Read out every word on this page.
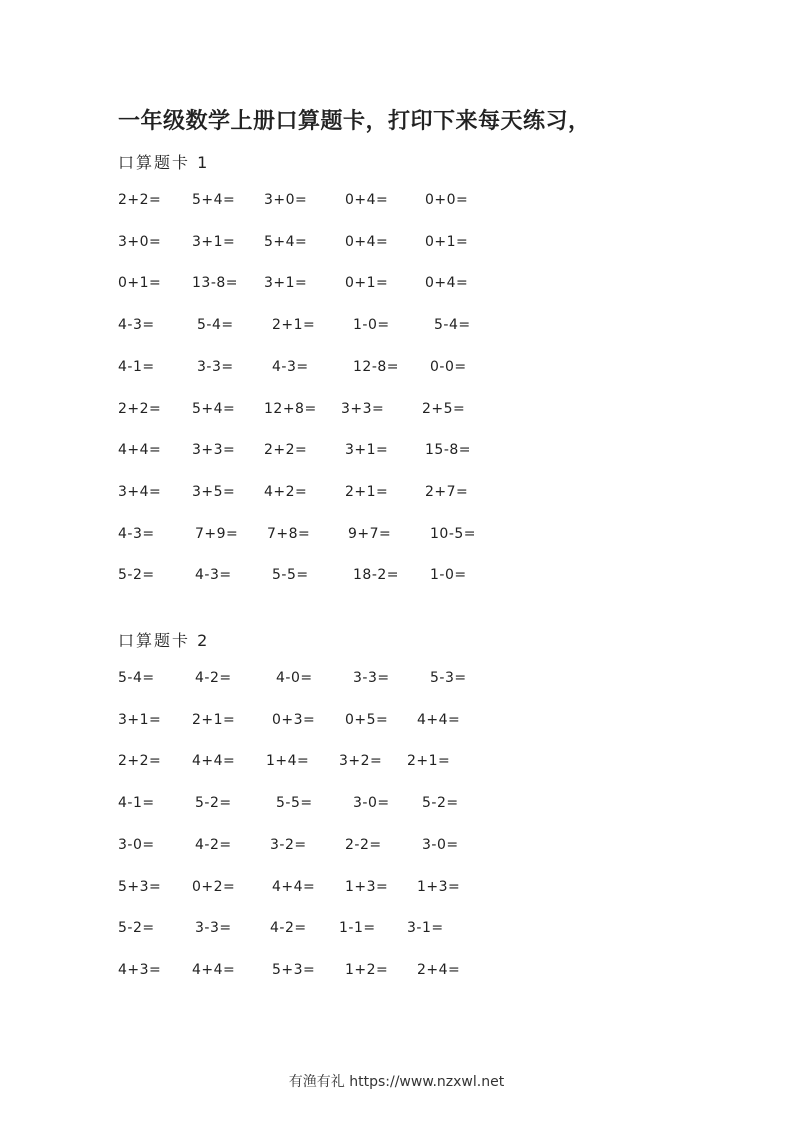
一年级数学上册口算题卡，打印下来每天练习，
口算题卡 1
2+2= 5+4= 3+0=	0+4=	0+0=
3+0= 3+1= 5+4=	0+4=	0+1=
0+1= 13-8= 3+1=	0+1=	0+4=
4-3=	5-4=	2+1=	1-0=	5-4=
4-1=	3-3=	4-3=	12-8= 0-0=
2+2= 5+4= 12+8= 3+3=	2+5=
4+4= 3+3= 2+2=	3+1=	15-8=
3+4= 3+5= 4+2=	2+1=	2+7=
4-3=	7+9= 7+8=	9+7=	10-5=
5-2=	4-3=	5-5=	18-2= 1-0=
口算题卡 2
5-4=	4-2=	4-0=	3-3=	5-3=
3+1= 2+1=	0+3= 0+5= 4+4=
2+2= 4+4= 1+4= 3+2= 2+1=
4-1=	5-2=	5-5=	3-0= 5-2=
3-0=	4-2=	3-2=	2-2=	3-0=
5+3= 0+2=	4+4= 1+3= 1+3=
5-2=	3-3=	4-2= 1-1= 3-1=
4+3= 4+4=	5+3= 1+2= 2+4=
有渔有礼 https://www.nzxwl.net
